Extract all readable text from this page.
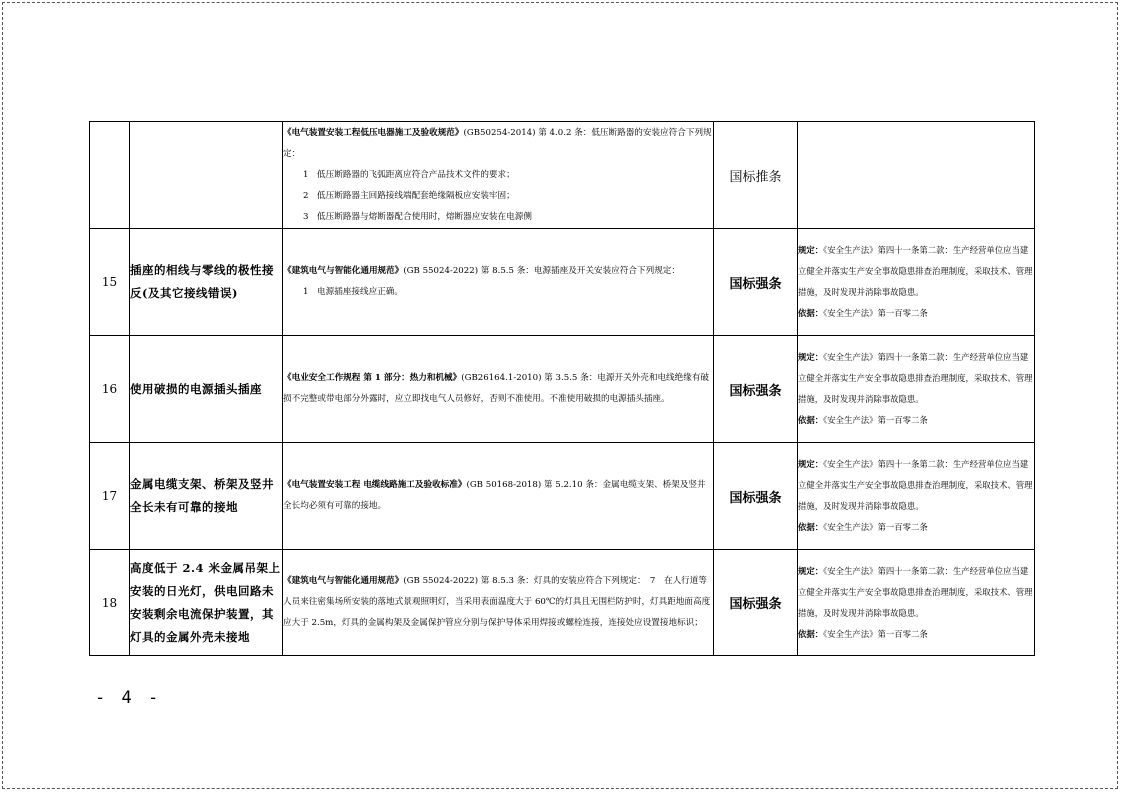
		《电气装置安装工程低压电器施工及验收规范》(GB50254-2014) 第 4.0.2 条：低压断路器的安装应符合下列规定：
1　低压断路器的飞弧距离应符合产品技术文件的要求；
2　低压断路器主回路接线端配套绝缘隔板应安装牢固；
3　低压断路器与熔断器配合使用时，熔断器应安装在电源侧	国标推条	
15	插座的相线与零线的极性接反(及其它接线错误)	《建筑电气与智能化通用规范》(GB 55024-2022) 第 8.5.5 条：电源插座及开关安装应符合下列规定：
1　电源插座接线应正确。	国标强条	规定：《安全生产法》第四十一条第二款：生产经营单位应当建立健全并落实生产安全事故隐患排查治理制度，采取技术、管理措施，及时发现并消除事故隐患。
依据：《安全生产法》第一百零二条
16	使用破损的电源插头插座	《电业安全工作规程 第 1 部分：热力和机械》(GB26164.1-2010) 第 3.5.5 条：电源开关外壳和电线绝缘有破损不完整或带电部分外露时，应立即找电气人员修好，否则不准使用。不准使用破损的电源插头插座。	国标强条	规定：《安全生产法》第四十一条第二款：生产经营单位应当建立健全并落实生产安全事故隐患排查治理制度，采取技术、管理措施，及时发现并消除事故隐患。
依据：《安全生产法》第一百零二条
17	金属电缆支架、桥架及竖井全长未有可靠的接地	《电气装置安装工程 电缆线路施工及验收标准》(GB 50168-2018) 第 5.2.10 条：金属电缆支架、桥架及竖井全长均必须有可靠的接地。	国标强条	规定：《安全生产法》第四十一条第二款：生产经营单位应当建立健全并落实生产安全事故隐患排查治理制度，采取技术、管理措施，及时发现并消除事故隐患。
依据：《安全生产法》第一百零二条
18	高度低于 2.4 米金属吊架上安装的日光灯，供电回路未安装剩余电流保护装置，其灯具的金属外壳未接地	《建筑电气与智能化通用规范》(GB 55024-2022) 第 8.5.3 条：灯具的安装应符合下列规定：　7　在人行道等人员来往密集场所安装的落地式景观照明灯，当采用表面温度大于 60℃的灯具且无围栏防护时，灯具距地面高度应大于 2.5m，灯具的金属构架及金属保护管应分别与保护导体采用焊接或螺栓连接，连接处应设置接地标识；	国标强条	规定：《安全生产法》第四十一条第二款：生产经营单位应当建立健全并落实生产安全事故隐患排查治理制度，采取技术、管理措施，及时发现并消除事故隐患。
依据：《安全生产法》第一百零二条
- 4 -
